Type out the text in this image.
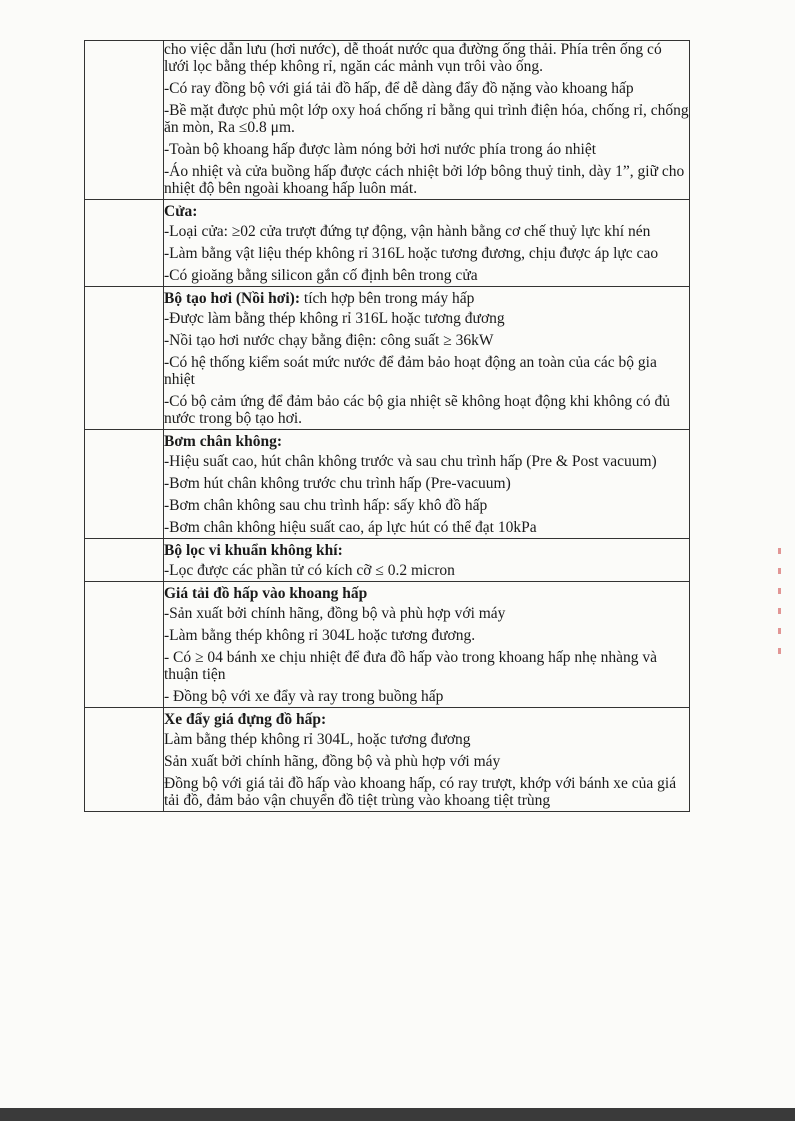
	cho việc dẫn lưu (hơi nước), dễ thoát nước qua đường ống thải. Phía trên ống có lưới lọc bằng thép không rỉ, ngăn các mảnh vụn trôi vào ống.
-Có ray đồng bộ với giá tải đồ hấp, để dễ dàng đẩy đồ nặng vào khoang hấp
-Bề mặt được phủ một lớp oxy hoá chống rỉ bằng qui trình điện hóa, chống rỉ, chống ăn mòn, Ra ≤0.8 μm.
-Toàn bộ khoang hấp được làm nóng bởi hơi nước phía trong áo nhiệt
-Áo nhiệt và cửa buồng hấp được cách nhiệt bởi lớp bông thuỷ tinh, dày 1”, giữ cho nhiệt độ bên ngoài khoang hấp luôn mát.

	Cửa:
-Loại cửa: ≥02 cửa trượt đứng tự động, vận hành bằng cơ chế thuỷ lực khí nén
-Làm bằng vật liệu thép không rỉ 316L hoặc tương đương, chịu được áp lực cao
-Có gioăng bằng silicon gắn cố định bên trong cửa

	Bộ tạo hơi (Nồi hơi): tích hợp bên trong máy hấp
-Được làm bằng thép không rỉ 316L hoặc tương đương
-Nồi tạo hơi nước chạy bằng điện: công suất ≥ 36kW
-Có hệ thống kiểm soát mức nước để đảm bảo hoạt động an toàn của các bộ gia nhiệt
-Có bộ cảm ứng để đảm bảo các bộ gia nhiệt sẽ không hoạt động khi không có đủ nước trong bộ tạo hơi.

	Bơm chân không:
-Hiệu suất cao, hút chân không trước và sau chu trình hấp (Pre & Post vacuum)
-Bơm hút chân không trước chu trình hấp (Pre-vacuum)
-Bơm chân không sau chu trình hấp: sấy khô đồ hấp
-Bơm chân không hiệu suất cao, áp lực hút có thể đạt 10kPa

	Bộ lọc vi khuẩn không khí:
-Lọc được các phần tử có kích cỡ ≤ 0.2 micron

	Giá tải đồ hấp vào khoang hấp
-Sản xuất bởi chính hãng, đồng bộ và phù hợp với máy
-Làm bằng thép không rỉ 304L hoặc tương đương.
- Có ≥ 04 bánh xe chịu nhiệt để đưa đồ hấp vào trong khoang hấp nhẹ nhàng và thuận tiện
- Đồng bộ với xe đẩy và ray trong buồng hấp

	Xe đẩy giá đựng đồ hấp:
Làm bằng thép không rỉ 304L, hoặc tương đương
Sản xuất bởi chính hãng, đồng bộ và phù hợp với máy
Đồng bộ với giá tải đồ hấp vào khoang hấp, có ray trượt, khớp với bánh xe của giá tải đồ, đảm bảo vận chuyển đồ tiệt trùng vào khoang tiệt trùng
